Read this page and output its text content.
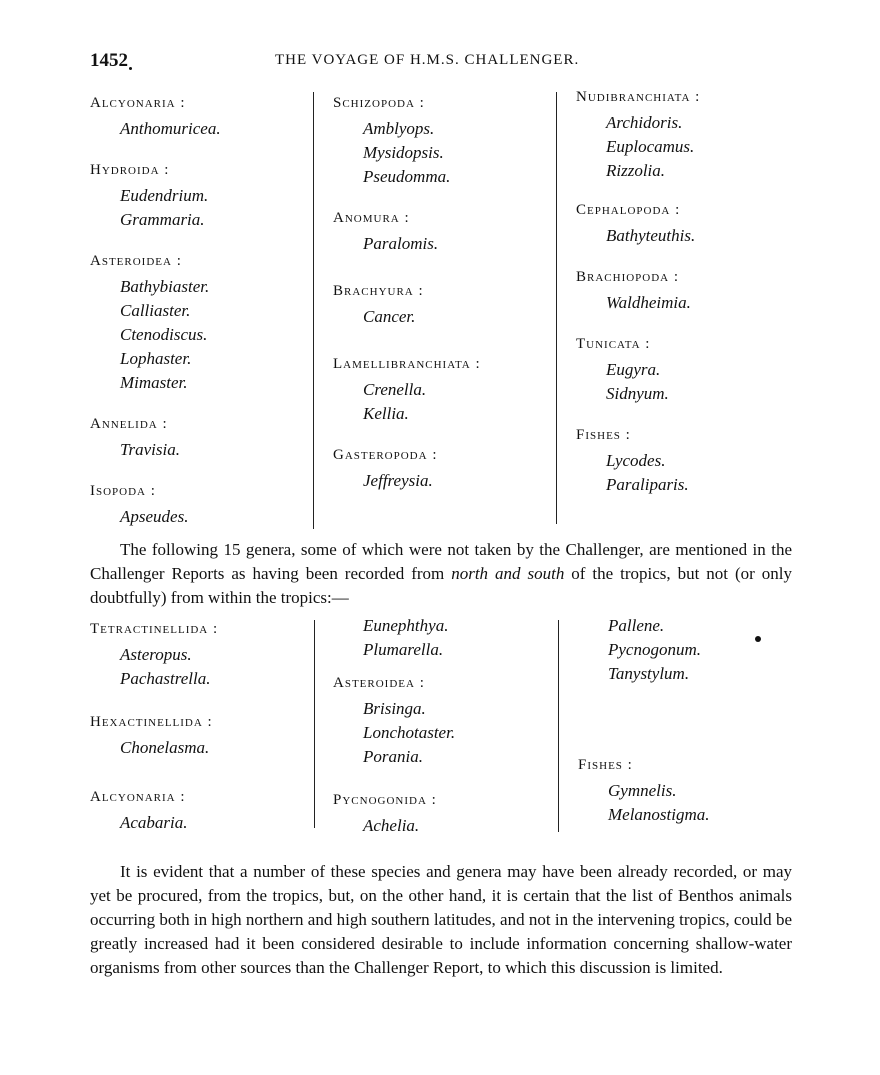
1452	THE VOYAGE OF H.M.S. CHALLENGER.
Alcyonaria :
Anthomuricea.
Hydroida :
Eudendrium.
Grammaria.
Asteroidea :
Bathybiaster.
Calliaster.
Ctenodiscus.
Lophaster.
Mimaster.
Annelida :
Travisia.
Isopoda :
Apseudes.
Schizopoda :
Amblyops.
Mysidopsis.
Pseudomma.
Anomura :
Paralomis.
Brachyura :
Cancer.
Lamellibranchiata :
Crenella.
Kellia.
Gasteropoda :
Jeffreysia.
Nudibranchiata :
Archidoris.
Euplocamus.
Rizzolia.
Cephalopoda :
Bathyteuthis.
Brachiopoda :
Waldheimia.
Tunicata :
Eugyra.
Sidnyum.
Fishes :
Lycodes.
Paraliparis.
The following 15 genera, some of which were not taken by the Challenger, are mentioned in the Challenger Reports as having been recorded from north and south of the tropics, but not (or only doubtfully) from within the tropics:—
Tetractinellida :
Asteropus.
Pachastrella.
Hexactinellida :
Chonelasma.
Alcyonaria :
Acabaria.
Eunephthya.
Plumarella.
Asteroidea :
Brisinga.
Lonchotaster.
Porania.
Pycnogonida :
Achelia.
Pallene.
Pycnogonum.
Tanystylum.
Fishes :
Gymnelis.
Melanostigma.
It is evident that a number of these species and genera may have been already recorded, or may yet be procured, from the tropics, but, on the other hand, it is certain that the list of Benthos animals occurring both in high northern and high southern latitudes, and not in the intervening tropics, could be greatly increased had it been considered desirable to include information concerning shallow-water organisms from other sources than the Challenger Report, to which this discussion is limited.
